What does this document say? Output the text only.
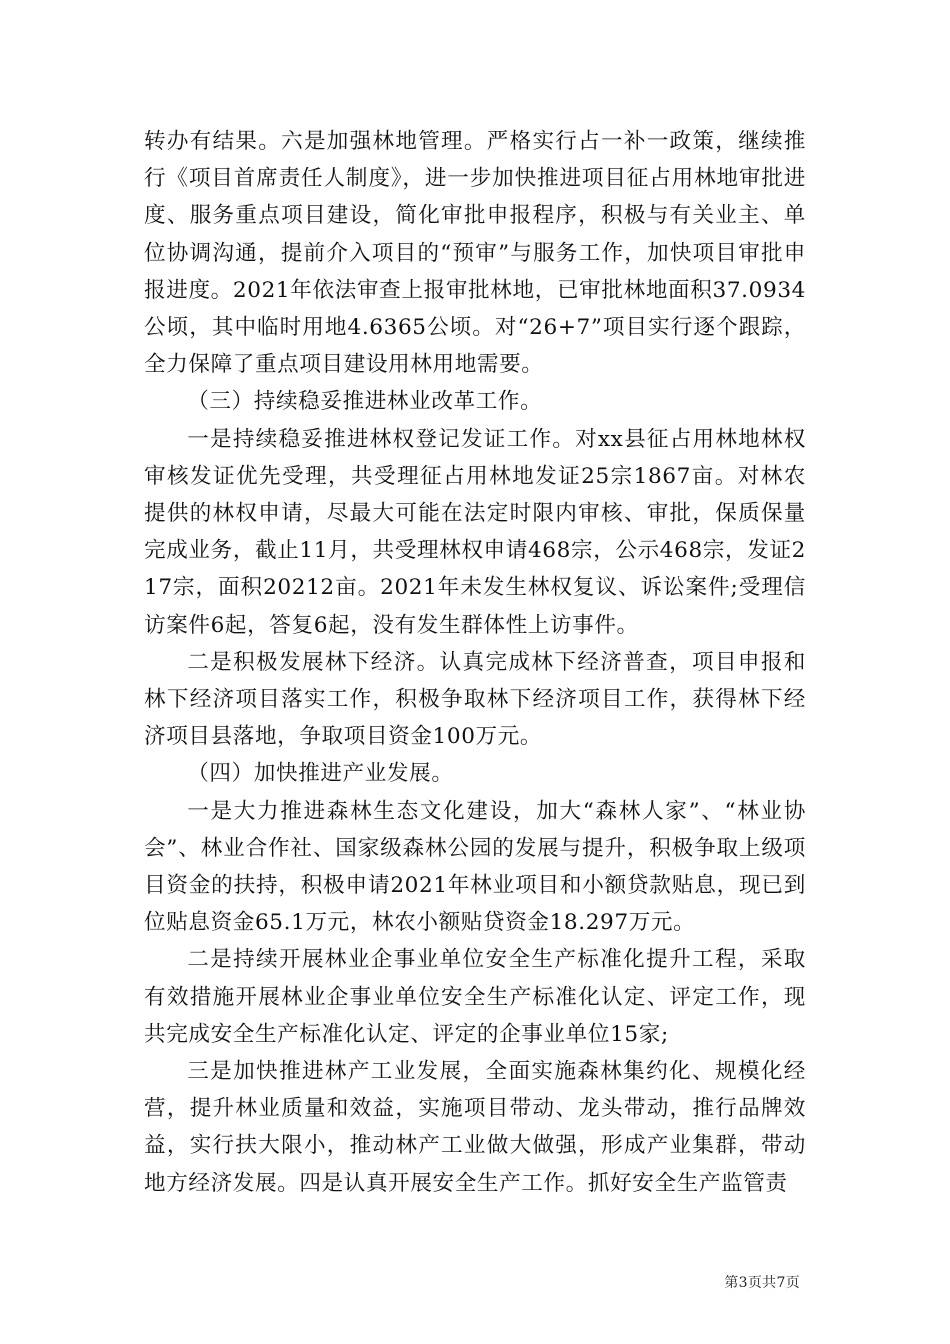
转办有结果。六是加强林地管理。严格实行占一补一政策，继续推行《项目首席责任人制度》，进一步加快推进项目征占用林地审批进度、服务重点项目建设，简化审批申报程序，积极与有关业主、单位协调沟通，提前介入项目的“预审”与服务工作，加快项目审批申报进度。2021年依法审查上报审批林地，已审批林地面积37.0934公顷，其中临时用地4.6365公顷。对“26+7”项目实行逐个跟踪，全力保障了重点项目建设用林用地需要。

（三）持续稳妥推进林业改革工作。

一是持续稳妥推进林权登记发证工作。对xx县征占用林地林权审核发证优先受理，共受理征占用林地发证25宗1867亩。对林农提供的林权申请，尽最大可能在法定时限内审核、审批，保质保量完成业务，截止11月，共受理林权申请468宗，公示468宗，发证217宗，面积20212亩。2021年未发生林权复议、诉讼案件;受理信访案件6起，答复6起，没有发生群体性上访事件。

二是积极发展林下经济。认真完成林下经济普查，项目申报和林下经济项目落实工作，积极争取林下经济项目工作，获得林下经济项目县落地，争取项目资金100万元。

（四）加快推进产业发展。

一是大力推进森林生态文化建设，加大“森林人家”、“林业协会”、林业合作社、国家级森林公园的发展与提升，积极争取上级项目资金的扶持，积极申请2021年林业项目和小额贷款贴息，现已到位贴息资金65.1万元，林农小额贴贷资金18.297万元。

二是持续开展林业企事业单位安全生产标准化提升工程，采取有效措施开展林业企事业单位安全生产标准化认定、评定工作，现共完成安全生产标准化认定、评定的企事业单位15家;

三是加快推进林产工业发展，全面实施森林集约化、规模化经营，提升林业质量和效益，实施项目带动、龙头带动，推行品牌效益，实行扶大限小，推动林产工业做大做强，形成产业集群，带动地方经济发展。四是认真开展安全生产工作。抓好安全生产监管责

第3页共7页
